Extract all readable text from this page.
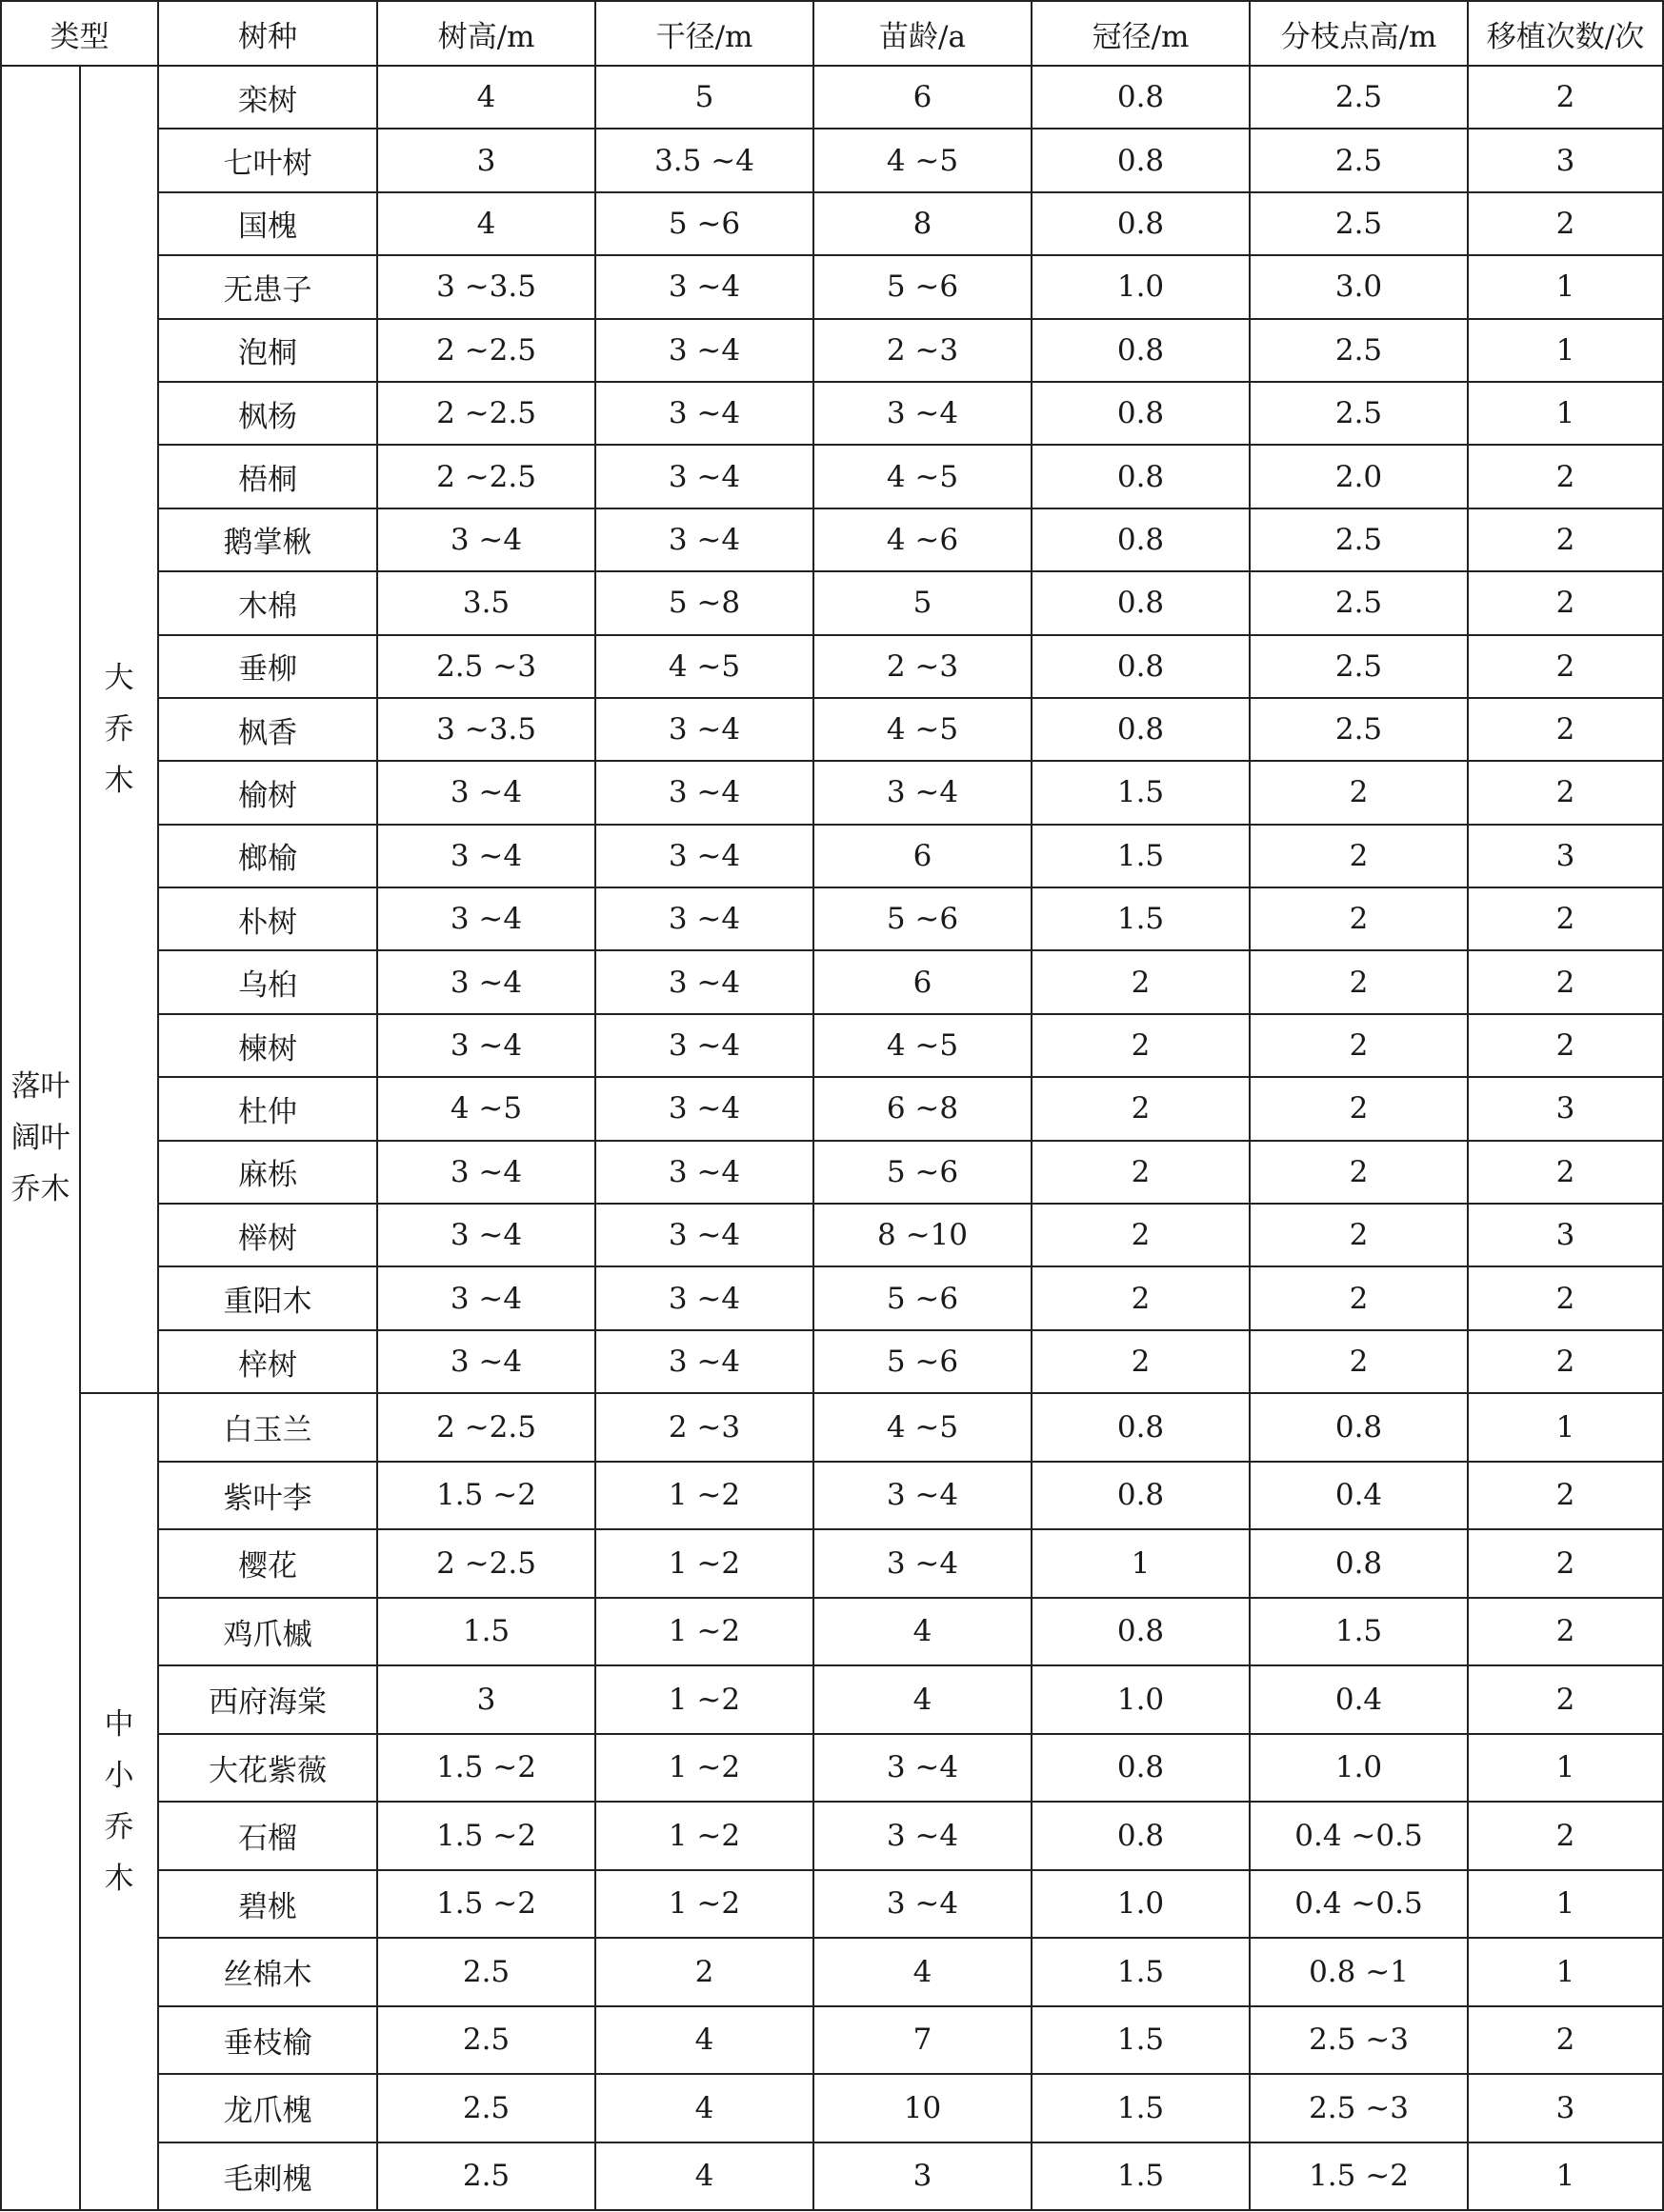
类型		树种	树高/m	干径/m	苗龄/a	冠径/m	分枝点高/m	移植次数/次
落叶阔叶乔木	大乔木	栾树	4	5	6	0.8	2.5	2
		七叶树	3	3.5 ~4	4 ~5	0.8	2.5	3
		国槐	4	5 ~6	8	0.8	2.5	2
		无患子	3 ~3.5	3 ~4	5 ~6	1.0	3.0	1
		泡桐	2 ~2.5	3 ~4	2 ~3	0.8	2.5	1
		枫杨	2 ~2.5	3 ~4	3 ~4	0.8	2.5	1
		梧桐	2 ~2.5	3 ~4	4 ~5	0.8	2.0	2
		鹅掌楸	3 ~4	3 ~4	4 ~6	0.8	2.5	2
		木棉	3.5	5 ~8	5	0.8	2.5	2
		垂柳	2.5 ~3	4 ~5	2 ~3	0.8	2.5	2
		枫香	3 ~3.5	3 ~4	4 ~5	0.8	2.5	2
		榆树	3 ~4	3 ~4	3 ~4	1.5	2	2
		榔榆	3 ~4	3 ~4	6	1.5	2	3
		朴树	3 ~4	3 ~4	5 ~6	1.5	2	2
		乌桕	3 ~4	3 ~4	6	2	2	2
		楝树	3 ~4	3 ~4	4 ~5	2	2	2
		杜仲	4 ~5	3 ~4	6 ~8	2	2	3
		麻栎	3 ~4	3 ~4	5 ~6	2	2	2
		榉树	3 ~4	3 ~4	8 ~10	2	2	3
		重阳木	3 ~4	3 ~4	5 ~6	2	2	2
		梓树	3 ~4	3 ~4	5 ~6	2	2	2
	中小乔木	白玉兰	2 ~2.5	2 ~3	4 ~5	0.8	0.8	1
		紫叶李	1.5 ~2	1 ~2	3 ~4	0.8	0.4	2
		樱花	2 ~2.5	1 ~2	3 ~4	1	0.8	2
		鸡爪槭	1.5	1 ~2	4	0.8	1.5	2
		西府海棠	3	1 ~2	4	1.0	0.4	2
		大花紫薇	1.5 ~2	1 ~2	3 ~4	0.8	1.0	1
		石榴	1.5 ~2	1 ~2	3 ~4	0.8	0.4 ~0.5	2
		碧桃	1.5 ~2	1 ~2	3 ~4	1.0	0.4 ~0.5	1
		丝棉木	2.5	2	4	1.5	0.8 ~1	1
		垂枝榆	2.5	4	7	1.5	2.5 ~3	2
		龙爪槐	2.5	4	10	1.5	2.5 ~3	3
		毛刺槐	2.5	4	3	1.5	1.5 ~2	1
